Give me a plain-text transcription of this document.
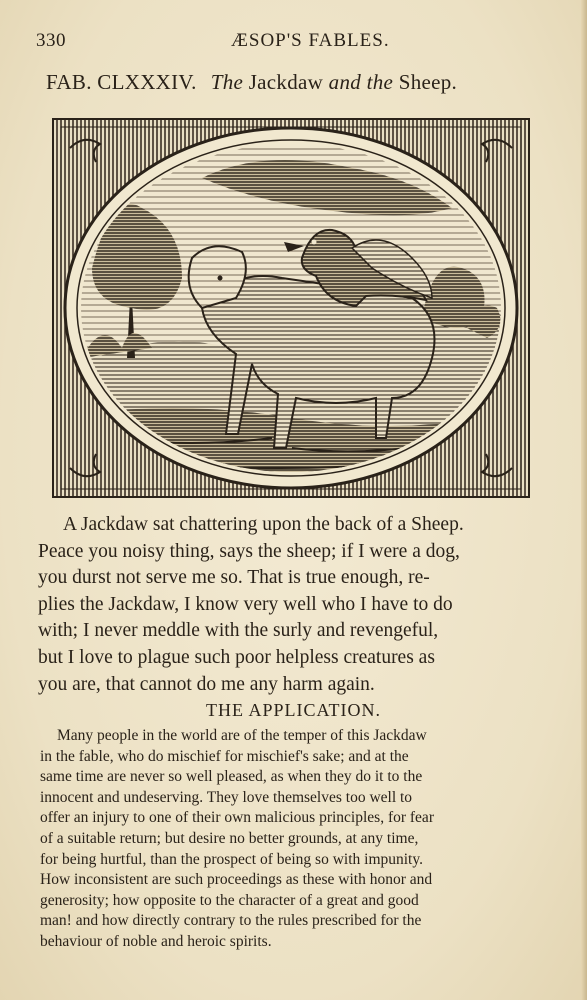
330	ÆSOP'S FABLES.
FAB. CLXXXIV. The Jackdaw and the Sheep.
A Jackdaw sat chattering upon the back of a Sheep.
Peace you noisy thing, says the sheep; if I were a dog,
you durst not serve me so. That is true enough, re-
plies the Jackdaw, I know very well who I have to do
with; I never meddle with the surly and revengeful,
but I love to plague such poor helpless creatures as
you are, that cannot do me any harm again.
THE APPLICATION.
Many people in the world are of the temper of this Jackdaw
in the fable, who do mischief for mischief's sake; and at the
same time are never so well pleased, as when they do it to the
innocent and undeserving. They love themselves too well to
offer an injury to one of their own malicious principles, for fear
of a suitable return; but desire no better grounds, at any time,
for being hurtful, than the prospect of being so with impunity.
How inconsistent are such proceedings as these with honor and
generosity; how opposite to the character of a great and good
man! and how directly contrary to the rules prescribed for the
behaviour of noble and heroic spirits.
